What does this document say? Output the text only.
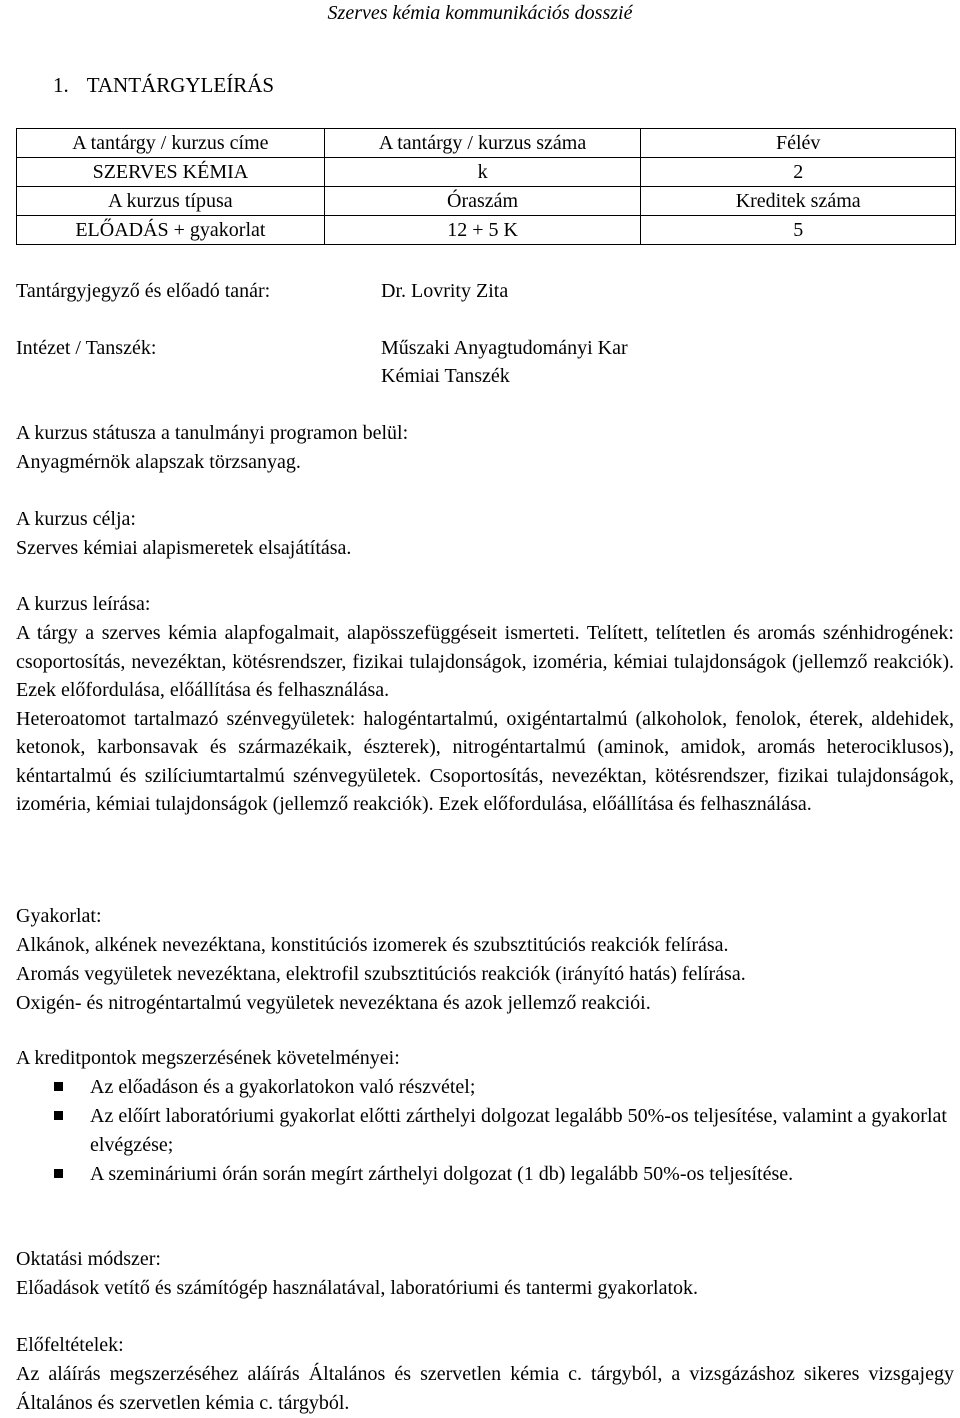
Szerves kémia kommunikációs dosszié
1. TANTÁRGYLEÍRÁS
A tantárgy / kurzus címe	A tantárgy / kurzus száma	Félév
SZERVES KÉMIA	k	2
A kurzus típusa	Óraszám	Kreditek száma
ELŐADÁS + gyakorlat	12 + 5 K	5
Tantárgyjegyző és előadó tanár:	Dr. Lovrity Zita
Intézet / Tanszék:	Műszaki Anyagtudományi Kar
Kémiai Tanszék
A kurzus státusza a tanulmányi programon belül:
Anyagmérnök alapszak törzsanyag.
A kurzus célja:
Szerves kémiai alapismeretek elsajátítása.
A kurzus leírása:
A tárgy a szerves kémia alapfogalmait, alapösszefüggéseit ismerteti. Telített, telítetlen és aromás szénhidrogének: csoportosítás, nevezéktan, kötésrendszer, fizikai tulajdonságok, izoméria, kémiai tulajdonságok (jellemző reakciók). Ezek előfordulása, előállítása és felhasználása.
Heteroatomot tartalmazó szénvegyületek: halogéntartalmú, oxigéntartalmú (alkoholok, fenolok, éterek, aldehidek, ketonok, karbonsavak és származékaik, észterek), nitrogéntartalmú (aminok, amidok, aromás heterociklusos), kéntartalmú és szilíciumtartalmú szénvegyületek. Csoportosítás, nevezéktan, kötésrendszer, fizikai tulajdonságok, izoméria, kémiai tulajdonságok (jellemző reakciók). Ezek előfordulása, előállítása és felhasználása.
Gyakorlat:
Alkánok, alkének nevezéktana, konstitúciós izomerek és szubsztitúciós reakciók felírása.
Aromás vegyületek nevezéktana, elektrofil szubsztitúciós reakciók (irányító hatás) felírása.
Oxigén- és nitrogéntartalmú vegyületek nevezéktana és azok jellemző reakciói.
A kreditpontok megszerzésének követelményei:
Az előadáson és a gyakorlatokon való részvétel;
Az előírt laboratóriumi gyakorlat előtti zárthelyi dolgozat legalább 50%-os teljesítése, valamint a gyakorlat elvégzése;
A szemináriumi órán során megírt zárthelyi dolgozat (1 db) legalább 50%-os teljesítése.
Oktatási módszer:
Előadások vetítő és számítógép használatával, laboratóriumi és tantermi gyakorlatok.
Előfeltételek:
Az aláírás megszerzéséhez aláírás Általános és szervetlen kémia c. tárgyból, a vizsgázáshoz sikeres vizsgajegy Általános és szervetlen kémia c. tárgyból.
